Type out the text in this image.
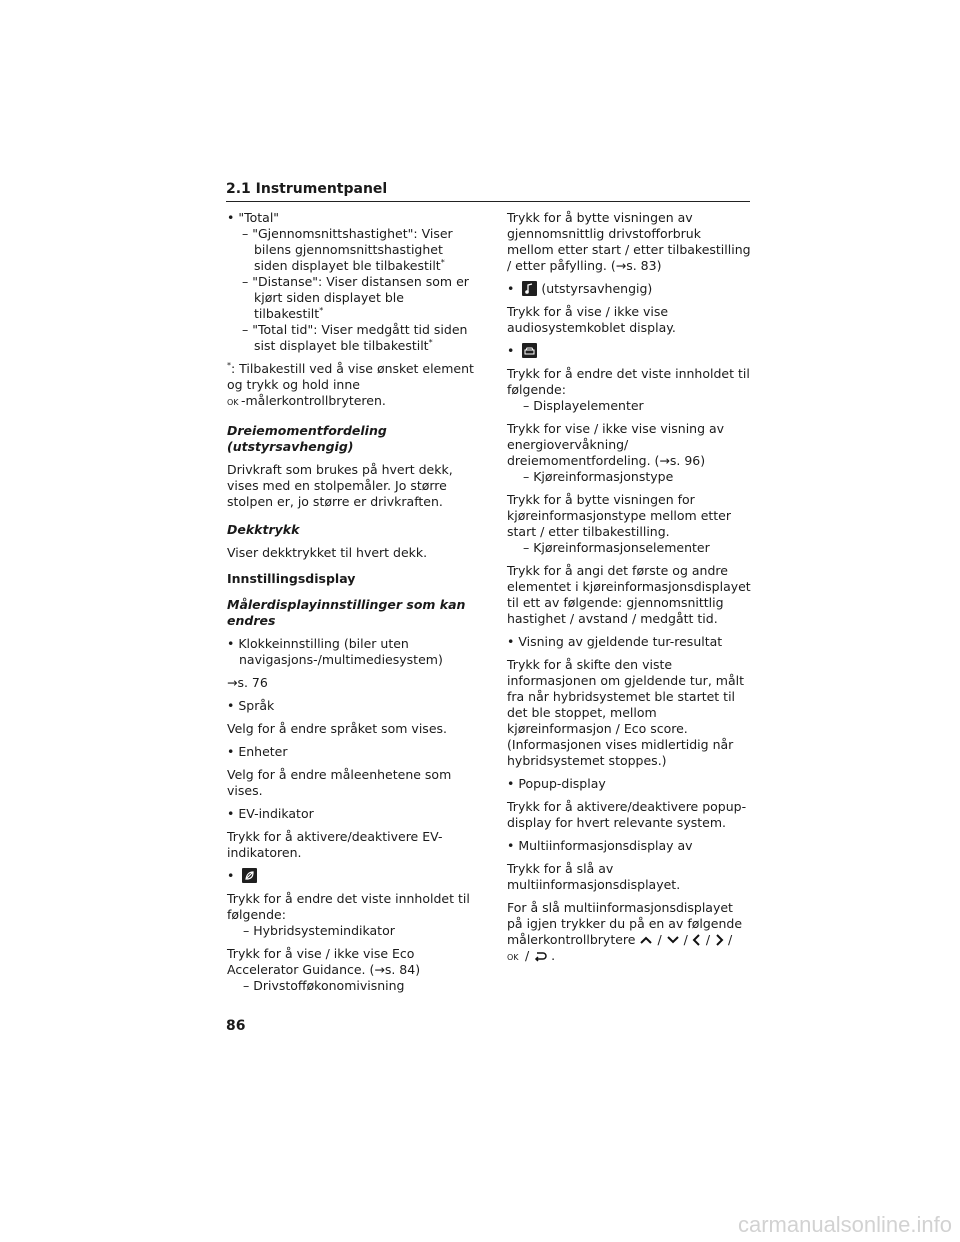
2.1 Instrumentpanel

• "Total"

– "Gjennomsnittshastighet": Viser bilens gjennomsnittshastighet siden displayet ble tilbakestilt*

– "Distanse": Viser distansen som er kjørt siden displayet ble tilbakestilt*

– "Total tid": Viser medgått tid siden sist displayet ble tilbakestilt*

*: Tilbakestill ved å vise ønsket element og trykk og hold inne
OK -målerkontrollbryteren.

Dreiemomentfordeling (utstyrsavhengig)

Drivkraft som brukes på hvert dekk, vises med en stolpemåler. Jo større stolpen er, jo større er drivkraften.

Dekktrykk

Viser dekktrykket til hvert dekk.

Innstillingsdisplay

Målerdisplayinnstillinger som kan endres

• Klokkeinnstilling (biler uten navigasjons-/multimediesystem)

→s. 76

• Språk

Velg for å endre språket som vises.

• Enheter

Velg for å endre måleenhetene som vises.

• EV-indikator

Trykk for å aktivere/deaktivere EV-indikatoren.

•

Trykk for å endre det viste innholdet til følgende:

– Hybridsystemindikator

Trykk for å vise / ikke vise Eco Accelerator Guidance. (→s. 84)

– Drivstofføkonomivisning

Trykk for å bytte visningen av gjennomsnittlig drivstofforbruk mellom etter start / etter tilbakestilling / etter påfylling. (→s. 83)

• (utstyrsavhengig)

Trykk for å vise / ikke vise audiosystemkoblet display.

•

Trykk for å endre det viste innholdet til følgende:

– Displayelementer

Trykk for vise / ikke vise visning av energiovervåkning/ dreiemomentfordeling. (→s. 96)

– Kjøreinformasjonstype

Trykk for å bytte visningen for kjøreinformasjonstype mellom etter start / etter tilbakestilling.

– Kjøreinformasjonselementer

Trykk for å angi det første og andre elementet i kjøreinformasjonsdisplayet til ett av følgende: gjennomsnittlig hastighet / avstand / medgått tid.

• Visning av gjeldende tur-resultat

Trykk for å skifte den viste informasjonen om gjeldende tur, målt fra når hybridsystemet ble startet til det ble stoppet, mellom kjøreinformasjon / Eco score. (Informasjonen vises midlertidig når hybridsystemet stoppes.)

• Popup-display

Trykk for å aktivere/deaktivere popup-display for hvert relevante system.

• Multiinformasjonsdisplay av

Trykk for å slå av multiinformasjonsdisplayet.

For å slå multiinformasjonsdisplayet på igjen trykker du på en av følgende målerkontrollbrytere / / / /
OK / .

86
carmanualsonline.info
